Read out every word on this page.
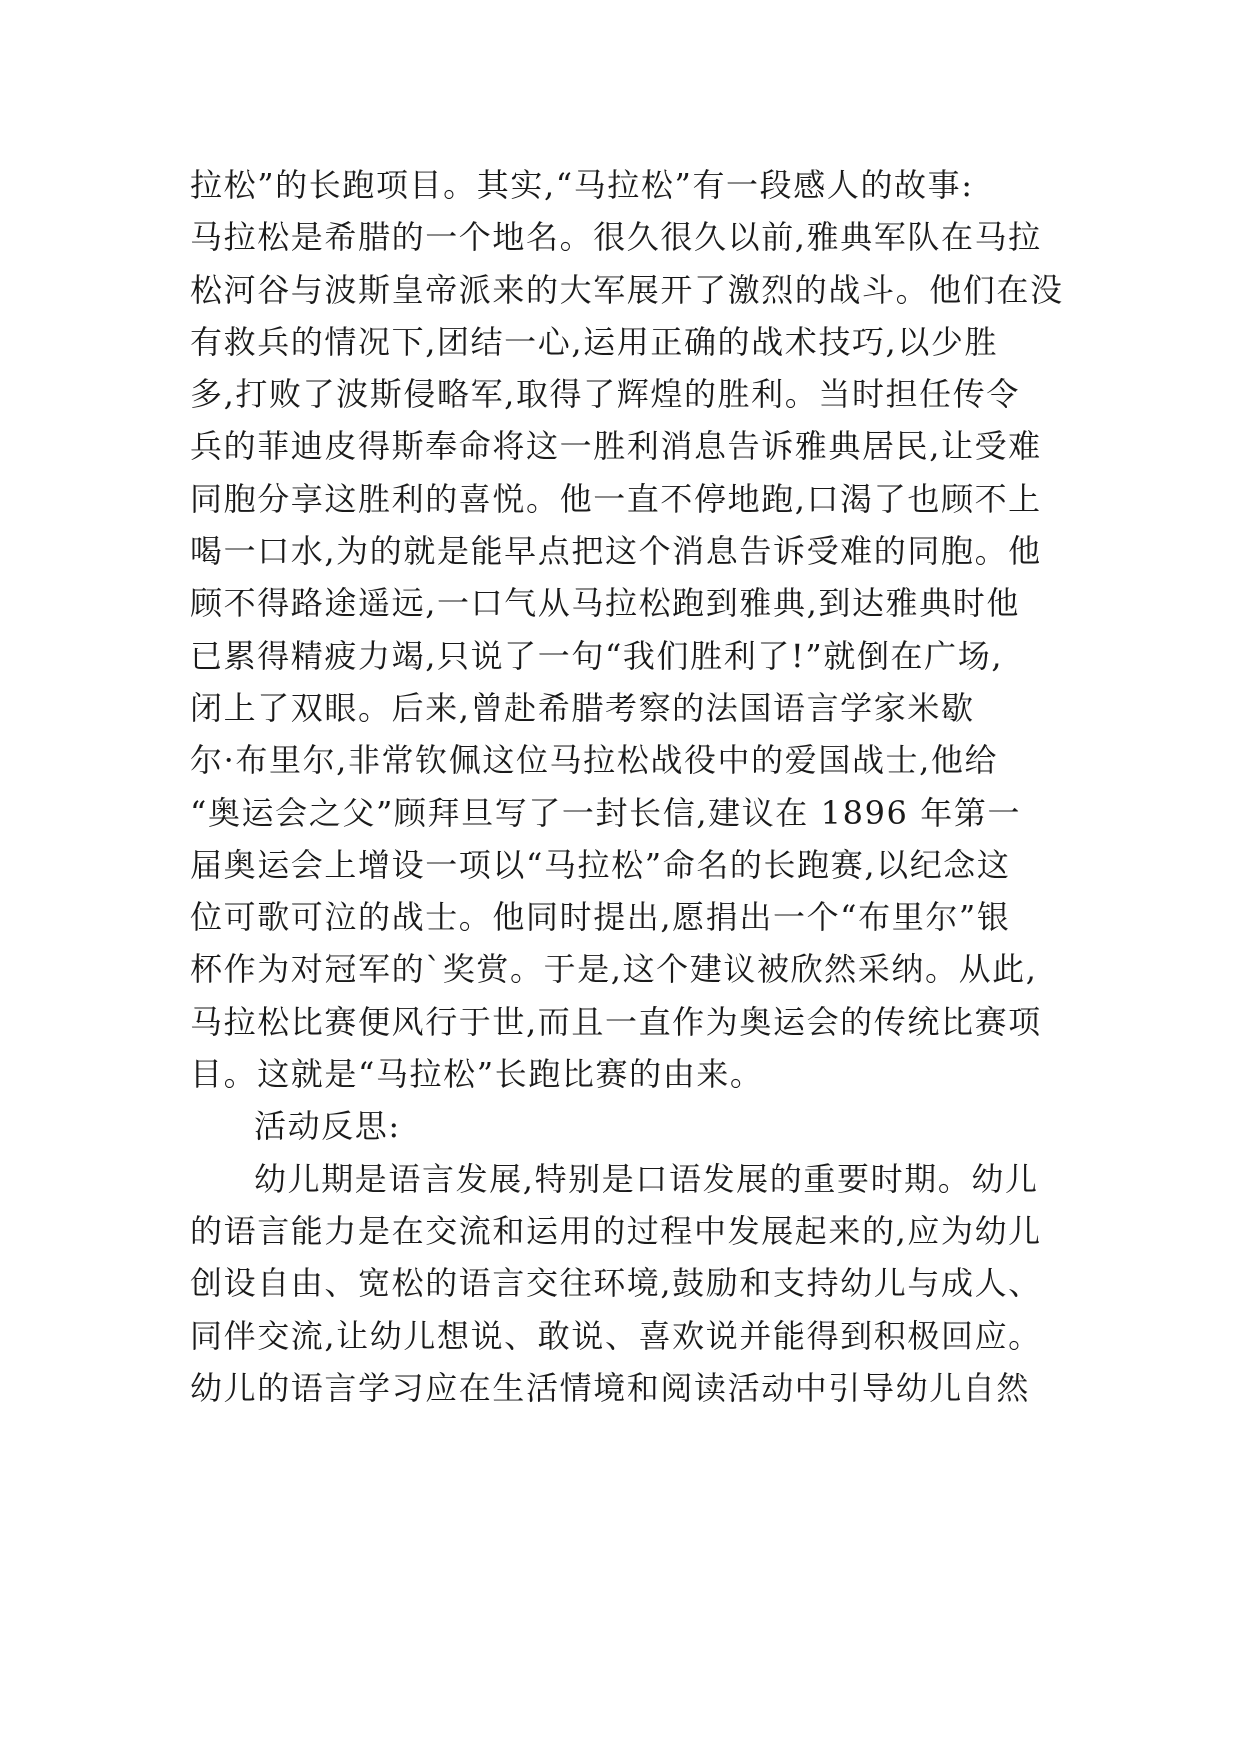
拉松”的长跑项目。其实,“马拉松”有一段感人的故事:
马拉松是希腊的一个地名。很久很久以前,雅典军队在马拉
松河谷与波斯皇帝派来的大军展开了激烈的战斗。他们在没
有救兵的情况下,团结一心,运用正确的战术技巧,以少胜
多,打败了波斯侵略军,取得了辉煌的胜利。当时担任传令
兵的菲迪皮得斯奉命将这一胜利消息告诉雅典居民,让受难
同胞分享这胜利的喜悦。他一直不停地跑,口渴了也顾不上
喝一口水,为的就是能早点把这个消息告诉受难的同胞。他
顾不得路途遥远,一口气从马拉松跑到雅典,到达雅典时他
已累得精疲力竭,只说了一句“我们胜利了!”就倒在广场,
闭上了双眼。后来,曾赴希腊考察的法国语言学家米歇
尔·布里尔,非常钦佩这位马拉松战役中的爱国战士,他给
“奥运会之父”顾拜旦写了一封长信,建议在 1896 年第一
届奥运会上增设一项以“马拉松”命名的长跑赛,以纪念这
位可歌可泣的战士。他同时提出,愿捐出一个“布里尔”银
杯作为对冠军的`奖赏。于是,这个建议被欣然采纳。从此,
马拉松比赛便风行于世,而且一直作为奥运会的传统比赛项
目。这就是“马拉松”长跑比赛的由来。
活动反思:
幼儿期是语言发展,特别是口语发展的重要时期。幼儿
的语言能力是在交流和运用的过程中发展起来的,应为幼儿
创设自由、宽松的语言交往环境,鼓励和支持幼儿与成人、
同伴交流,让幼儿想说、敢说、喜欢说并能得到积极回应。
幼儿的语言学习应在生活情境和阅读活动中引导幼儿自然
